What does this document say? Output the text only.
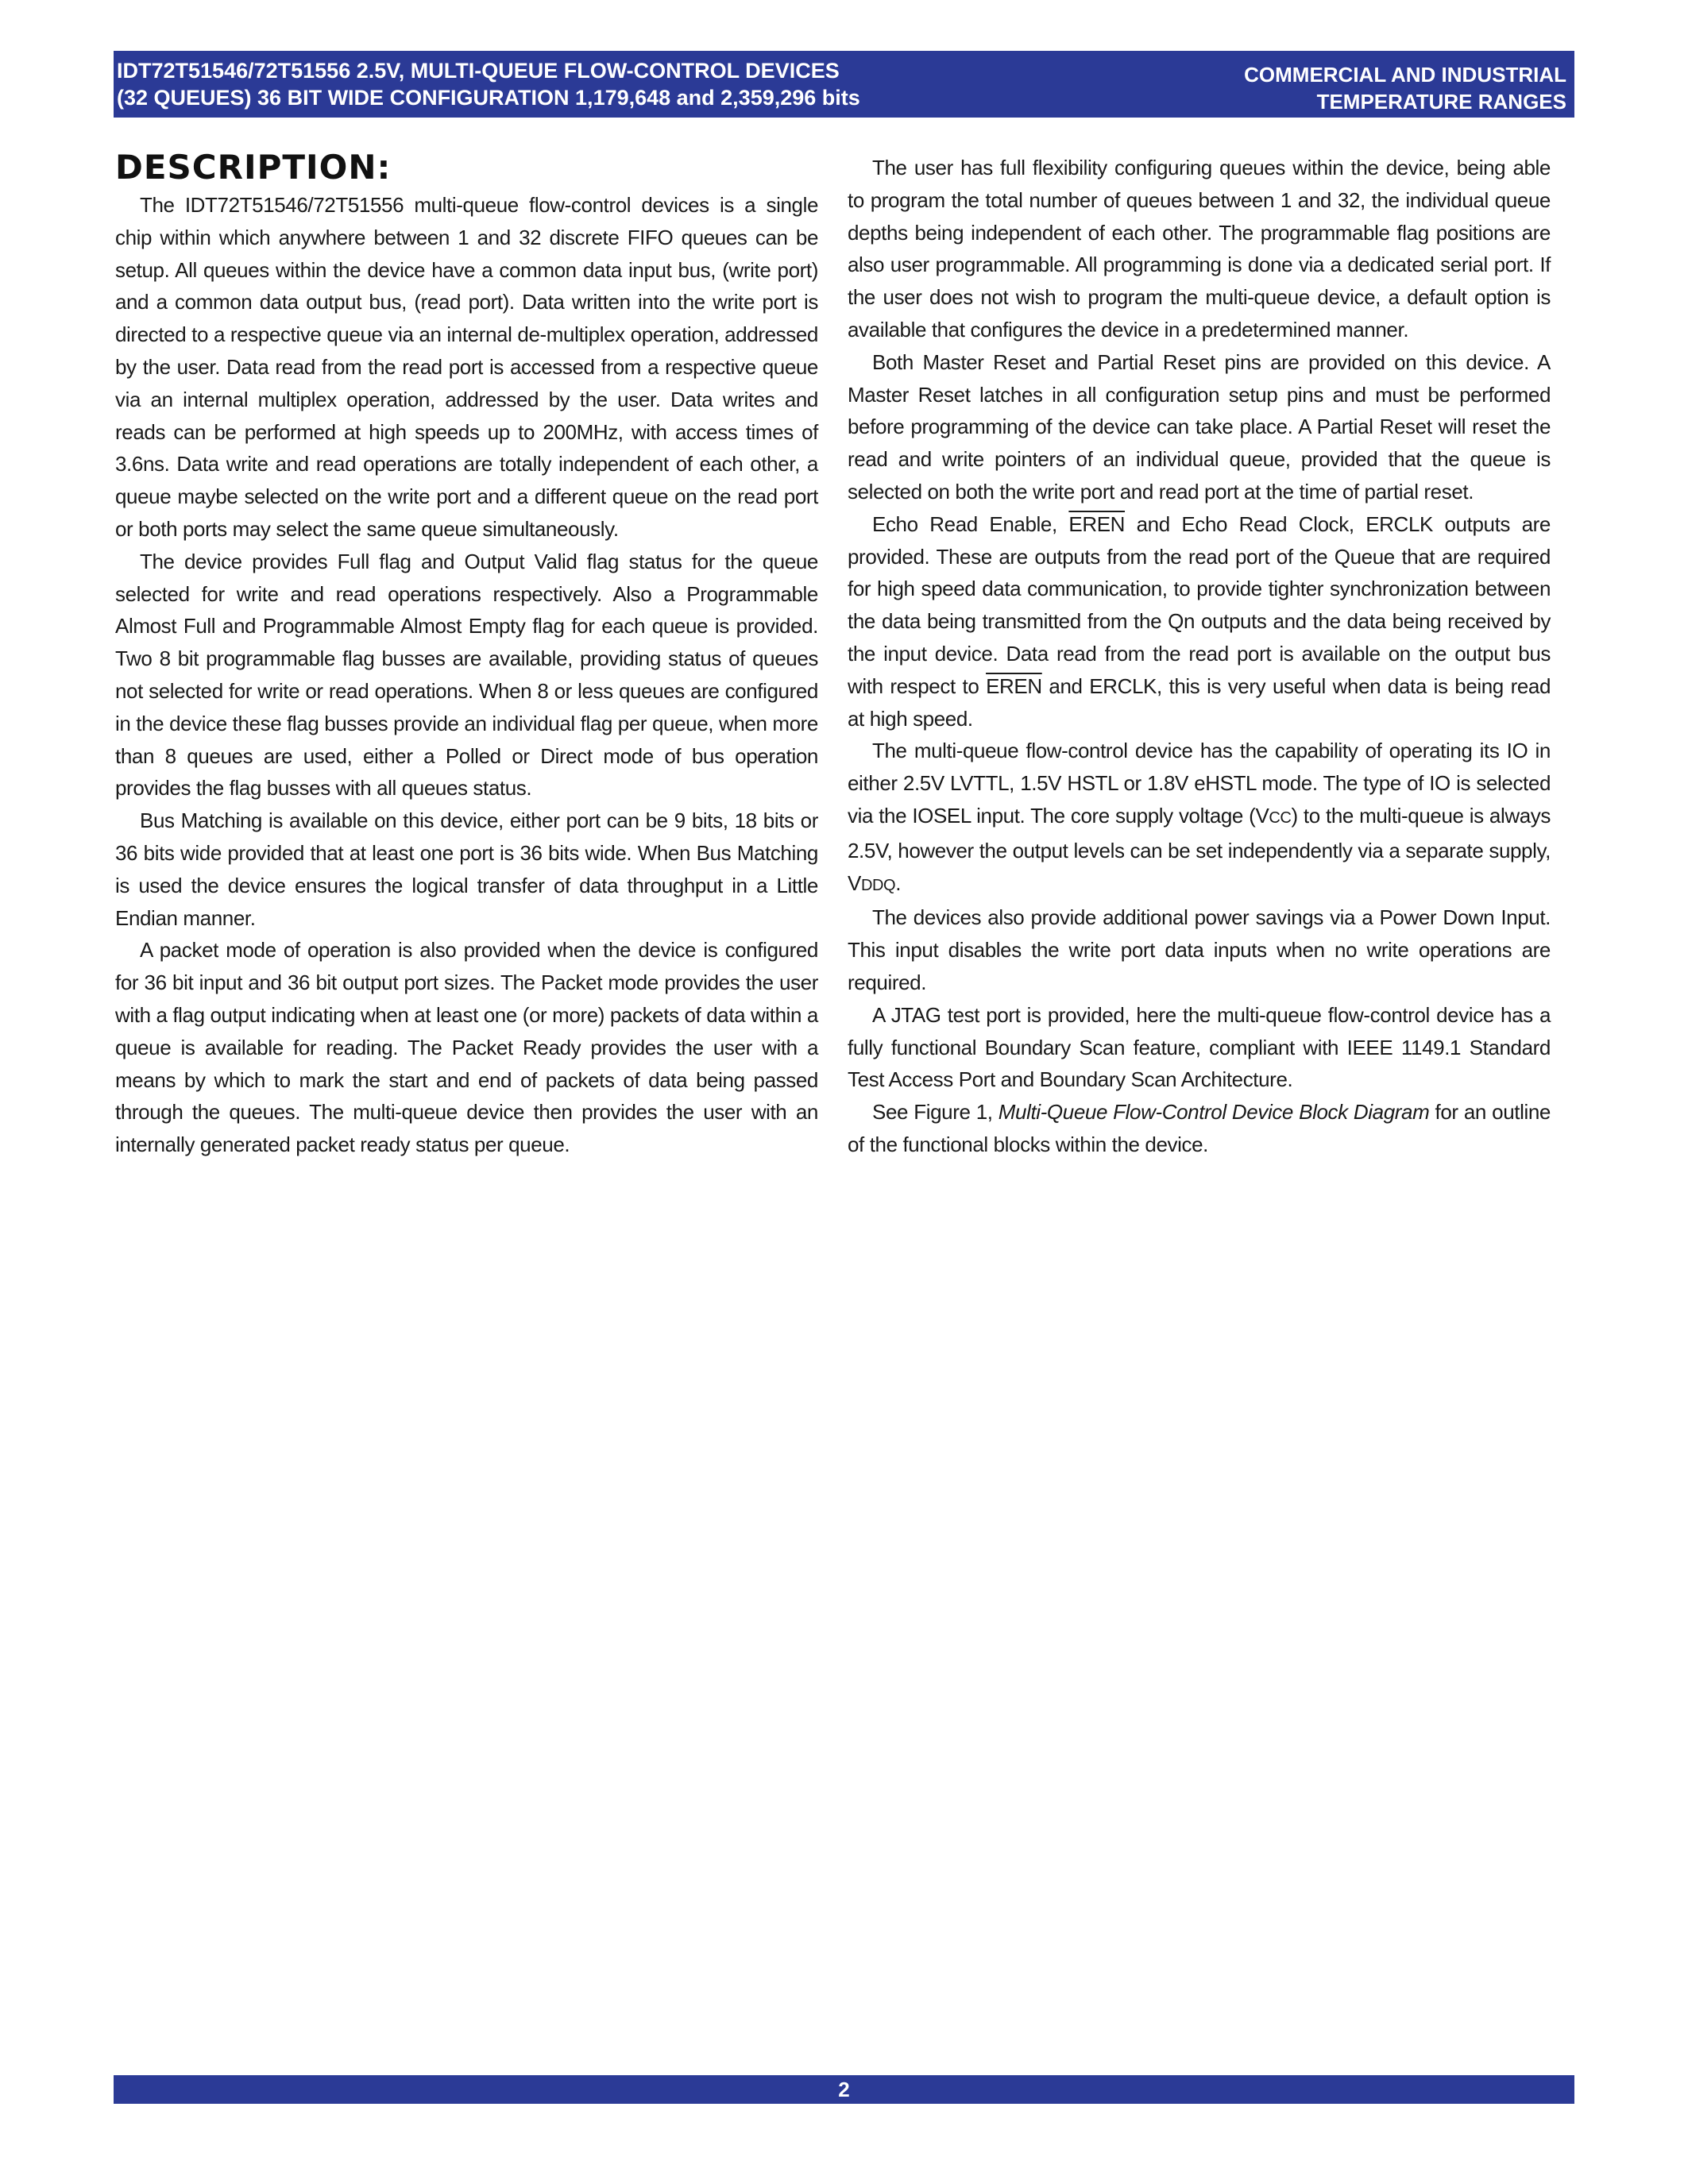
IDT72T51546/72T51556 2.5V, MULTI-QUEUE FLOW-CONTROL DEVICES
(32 QUEUES) 36 BIT WIDE CONFIGURATION 1,179,648 and 2,359,296 bits
COMMERCIAL AND INDUSTRIAL
TEMPERATURE RANGES
DESCRIPTION:

The IDT72T51546/72T51556 multi-queue flow-control devices is a single chip within which anywhere between 1 and 32 discrete FIFO queues can be setup. All queues within the device have a common data input bus, (write port) and a common data output bus, (read port). Data written into the write port is directed to a respective queue via an internal de-multiplex operation, addressed by the user. Data read from the read port is accessed from a respective queue via an internal multiplex operation, addressed by the user. Data writes and reads can be performed at high speeds up to 200MHz, with access times of 3.6ns. Data write and read operations are totally independent of each other, a queue maybe selected on the write port and a different queue on the read port or both ports may select the same queue simultaneously.

The device provides Full flag and Output Valid flag status for the queue selected for write and read operations respectively. Also a Programmable Almost Full and Programmable Almost Empty flag for each queue is provided. Two 8 bit programmable flag busses are available, providing status of queues not selected for write or read operations. When 8 or less queues are configured in the device these flag busses provide an individual flag per queue, when more than 8 queues are used, either a Polled or Direct mode of bus operation provides the flag busses with all queues status.

Bus Matching is available on this device, either port can be 9 bits, 18 bits or 36 bits wide provided that at least one port is 36 bits wide. When Bus Matching is used the device ensures the logical transfer of data throughput in a Little Endian manner.

A packet mode of operation is also provided when the device is configured for 36 bit input and 36 bit output port sizes. The Packet mode provides the user with a flag output indicating when at least one (or more) packets of data within a queue is available for reading. The Packet Ready provides the user with a means by which to mark the start and end of packets of data being passed through the queues. The multi-queue device then provides the user with an internally generated packet ready status per queue.

The user has full flexibility configuring queues within the device, being able to program the total number of queues between 1 and 32, the individual queue depths being independent of each other. The programmable flag positions are also user programmable. All programming is done via a dedicated serial port. If the user does not wish to program the multi-queue device, a default option is available that configures the device in a predetermined manner.

Both Master Reset and Partial Reset pins are provided on this device. A Master Reset latches in all configuration setup pins and must be performed before programming of the device can take place. A Partial Reset will reset the read and write pointers of an individual queue, provided that the queue is selected on both the write port and read port at the time of partial reset.

Echo Read Enable, EREN and Echo Read Clock, ERCLK outputs are provided. These are outputs from the read port of the Queue that are required for high speed data communication, to provide tighter synchronization between the data being transmitted from the Qn outputs and the data being received by the input device. Data read from the read port is available on the output bus with respect to EREN and ERCLK, this is very useful when data is being read at high speed.

The multi-queue flow-control device has the capability of operating its IO in either 2.5V LVTTL, 1.5V HSTL or 1.8V eHSTL mode. The type of IO is selected via the IOSEL input. The core supply voltage (VCC) to the multi-queue is always 2.5V, however the output levels can be set independently via a separate supply, VDDQ.

The devices also provide additional power savings via a Power Down Input. This input disables the write port data inputs when no write operations are required.

A JTAG test port is provided, here the multi-queue flow-control device has a fully functional Boundary Scan feature, compliant with IEEE 1149.1 Standard Test Access Port and Boundary Scan Architecture.

See Figure 1, Multi-Queue Flow-Control Device Block Diagram for an outline of the functional blocks within the device.

2
